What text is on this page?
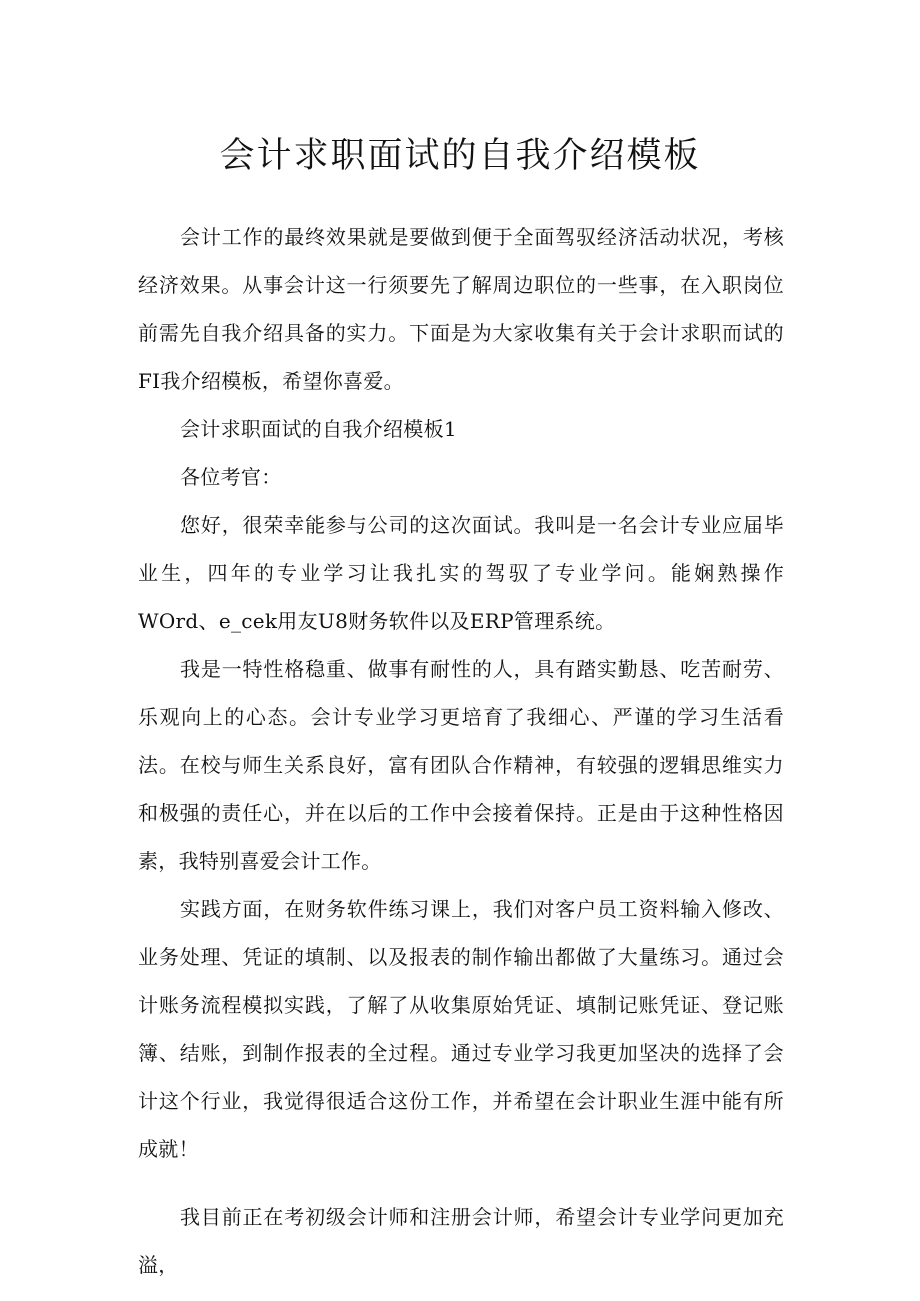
会计求职面试的自我介绍模板

会计工作的最终效果就是要做到便于全面驾驭经济活动状况，考核经济效果。从事会计这一行须要先了解周边职位的一些事，在入职岗位前需先自我介绍具备的实力。下面是为大家收集有关于会计求职而试的FI我介绍模板，希望你喜爱。

会计求职面试的自我介绍模板1

各位考官：

您好，很荣幸能参与公司的这次面试。我叫是一名会计专业应届毕业生，四年的专业学习让我扎实的驾驭了专业学问。能娴熟操作WOrd、e_cek用友U8财务软件以及ERP管理系统。

我是一特性格稳重、做事有耐性的人，具有踏实勤恳、吃苦耐劳、乐观向上的心态。会计专业学习更培育了我细心、严谨的学习生活看法。在校与师生关系良好，富有团队合作精神，有较强的逻辑思维实力和极强的责任心，并在以后的工作中会接着保持。正是由于这种性格因素，我特别喜爱会计工作。

实践方面，在财务软件练习课上，我们对客户员工资料输入修改、业务处理、凭证的填制、以及报表的制作输出都做了大量练习。通过会计账务流程模拟实践，了解了从收集原始凭证、填制记账凭证、登记账簿、结账，到制作报表的全过程。通过专业学习我更加坚决的选择了会计这个行业，我觉得很适合这份工作，并希望在会计职业生涯中能有所成就！

我目前正在考初级会计师和注册会计师，希望会计专业学问更加充溢，
